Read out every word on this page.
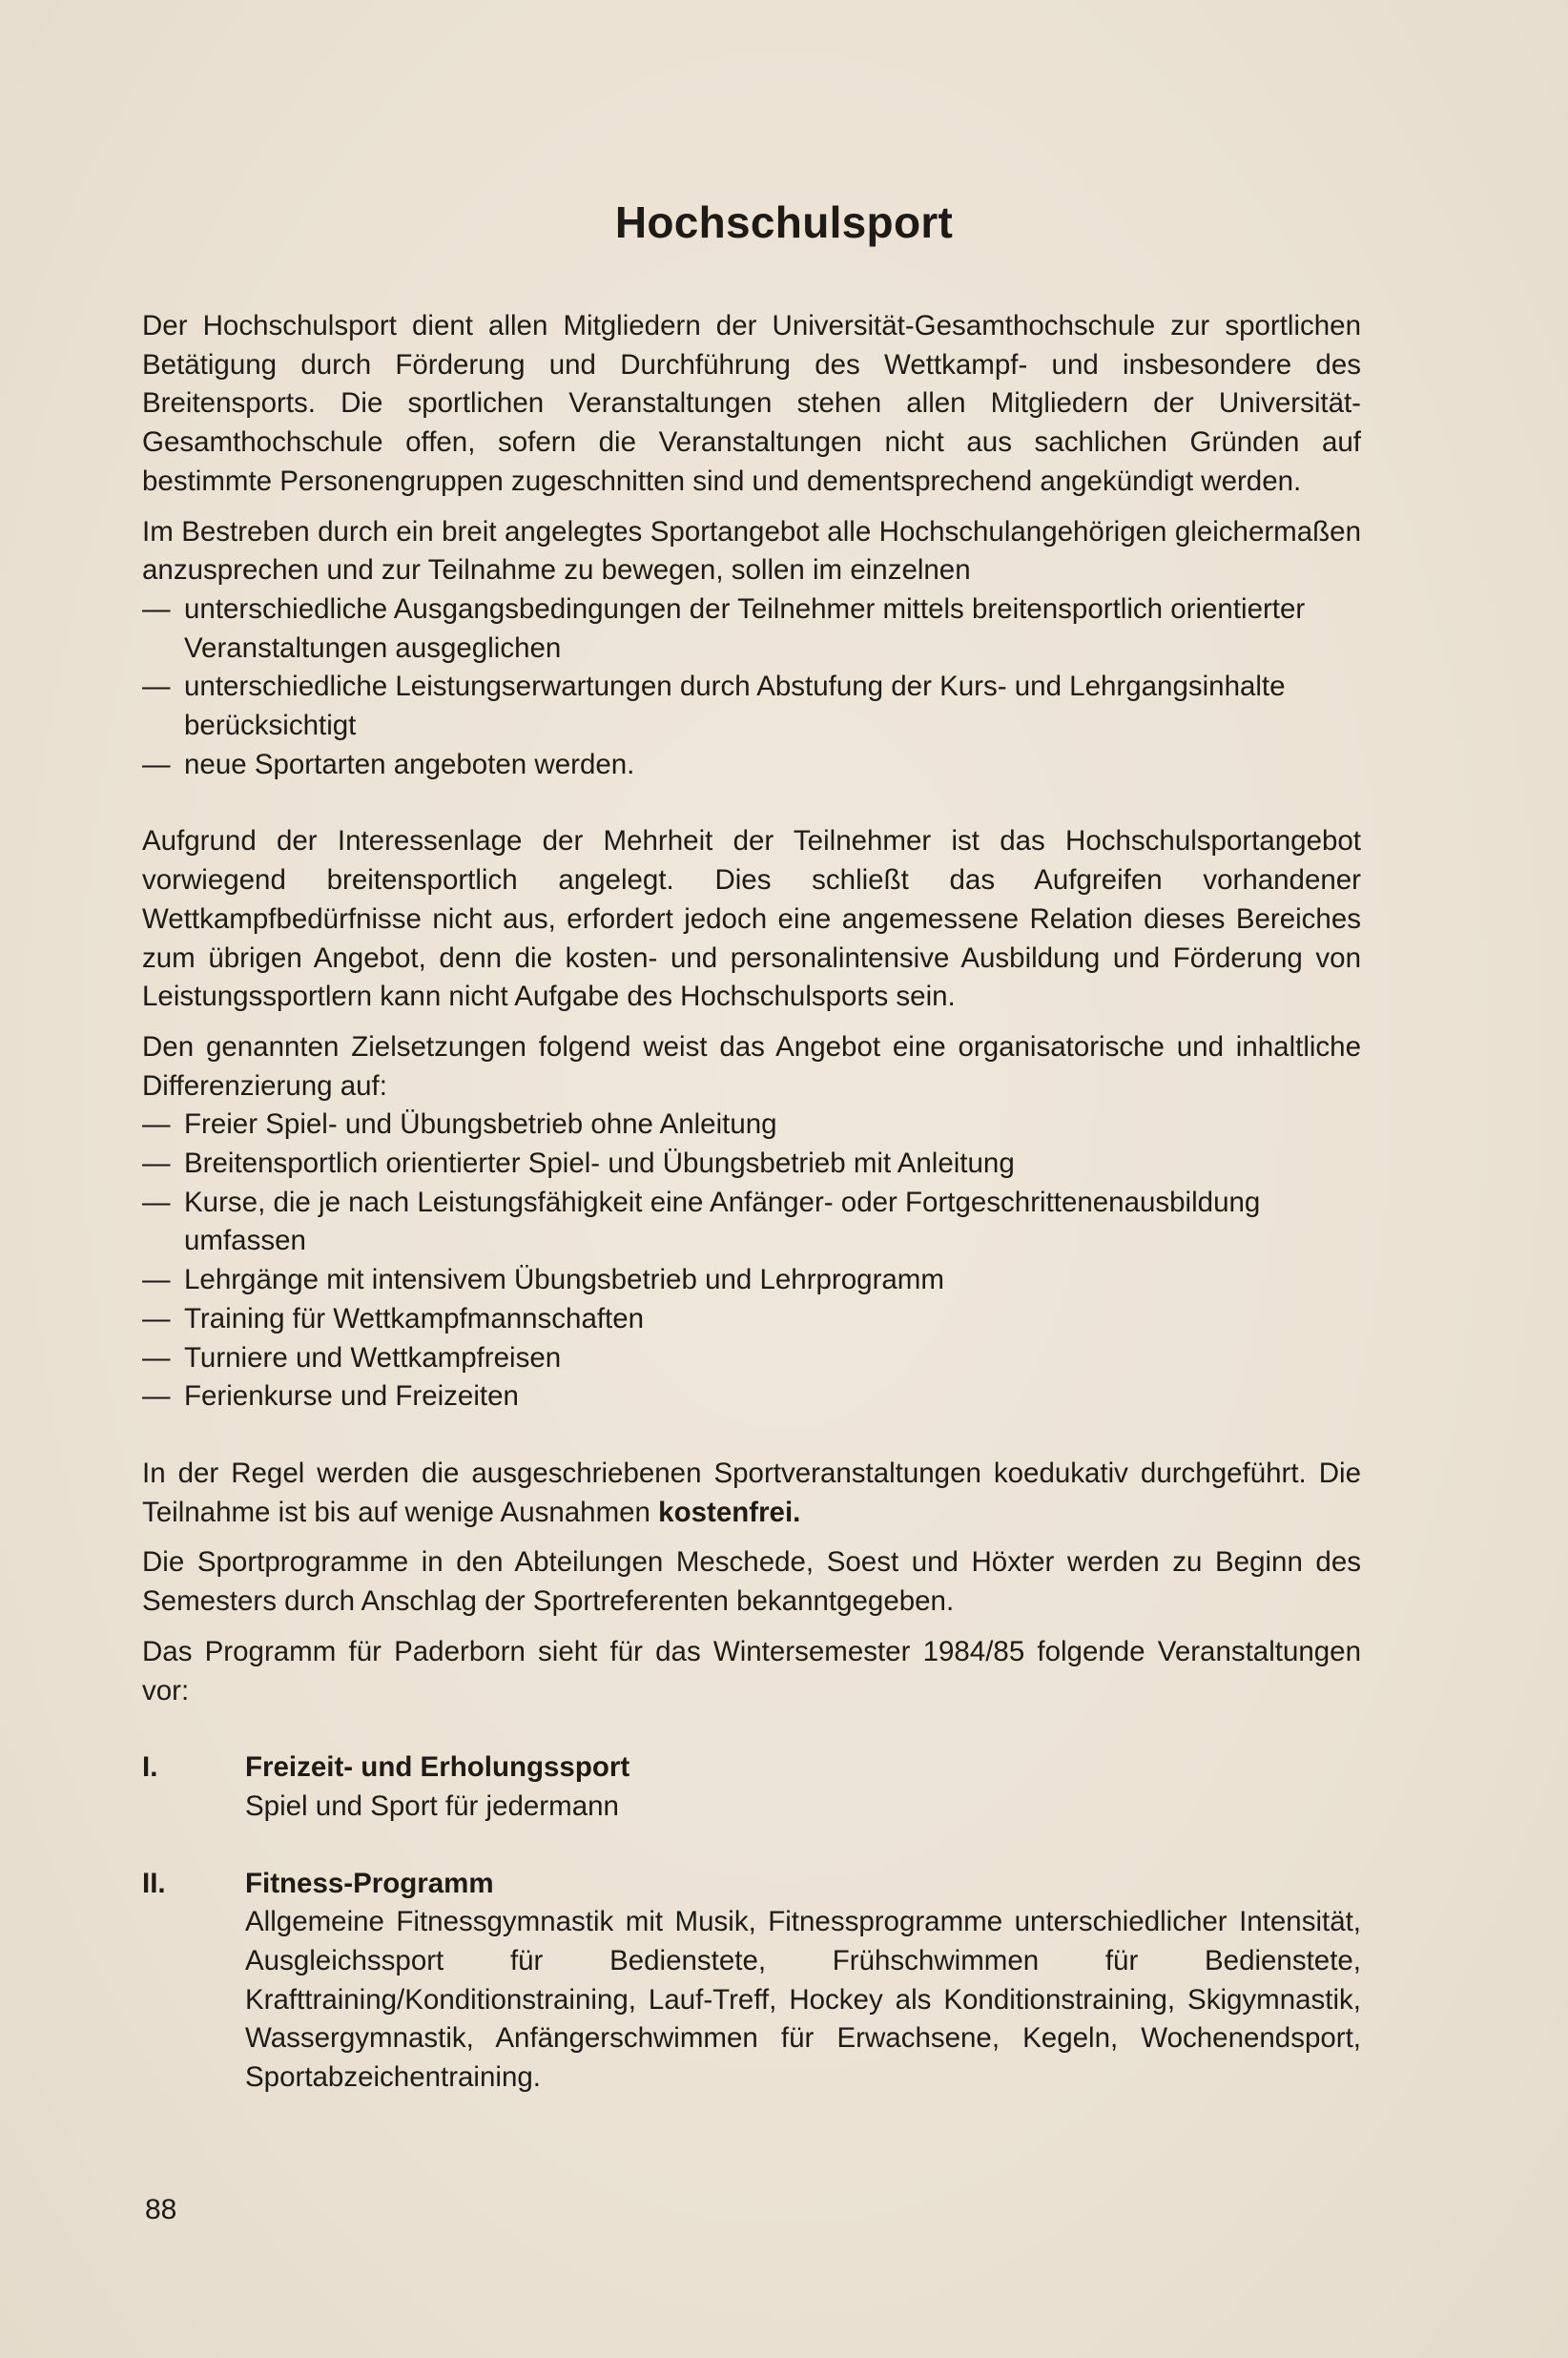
Hochschulsport

Der Hochschulsport dient allen Mitgliedern der Universität-Gesamthochschule zur sportlichen Betätigung durch Förderung und Durchführung des Wettkampf- und insbesondere des Breitensports. Die sportlichen Veranstaltungen stehen allen Mitgliedern der Universität-Gesamthochschule offen, sofern die Veranstaltungen nicht aus sachlichen Gründen auf bestimmte Personengruppen zugeschnitten sind und dementsprechend angekündigt werden.

Im Bestreben durch ein breit angelegtes Sportangebot alle Hochschulangehörigen gleichermaßen anzusprechen und zur Teilnahme zu bewegen, sollen im einzelnen

— unterschiedliche Ausgangsbedingungen der Teilnehmer mittels breitensportlich orientierter Veranstaltungen ausgeglichen
— unterschiedliche Leistungserwartungen durch Abstufung der Kurs- und Lehrgangsinhalte berücksichtigt
— neue Sportarten angeboten werden.

Aufgrund der Interessenlage der Mehrheit der Teilnehmer ist das Hochschulsportangebot vorwiegend breitensportlich angelegt. Dies schließt das Aufgreifen vorhandener Wettkampfbedürfnisse nicht aus, erfordert jedoch eine angemessene Relation dieses Bereiches zum übrigen Angebot, denn die kosten- und personalintensive Ausbildung und Förderung von Leistungssportlern kann nicht Aufgabe des Hochschulsports sein.

Den genannten Zielsetzungen folgend weist das Angebot eine organisatorische und inhaltliche Differenzierung auf:

— Freier Spiel- und Übungsbetrieb ohne Anleitung
— Breitensportlich orientierter Spiel- und Übungsbetrieb mit Anleitung
— Kurse, die je nach Leistungsfähigkeit eine Anfänger- oder Fortgeschrittenenausbildung umfassen
— Lehrgänge mit intensivem Übungsbetrieb und Lehrprogramm
— Training für Wettkampfmannschaften
— Turniere und Wettkampfreisen
— Ferienkurse und Freizeiten

In der Regel werden die ausgeschriebenen Sportveranstaltungen koedukativ durchgeführt. Die Teilnahme ist bis auf wenige Ausnahmen kostenfrei.

Die Sportprogramme in den Abteilungen Meschede, Soest und Höxter werden zu Beginn des Semesters durch Anschlag der Sportreferenten bekanntgegeben.

Das Programm für Paderborn sieht für das Wintersemester 1984/85 folgende Veranstaltungen vor:

I.	Freizeit- und Erholungssport
Spiel und Sport für jedermann
II.	Fitness-Programm
Allgemeine Fitnessgymnastik mit Musik, Fitnessprogramme unterschiedlicher Intensität, Ausgleichssport für Bedienstete, Frühschwimmen für Bedienstete, Krafttraining/Konditionstraining, Lauf-Treff, Hockey als Konditionstraining, Skigymnastik, Wassergymnastik, Anfängerschwimmen für Erwachsene, Kegeln, Wochenendsport, Sportabzeichentraining.
88
